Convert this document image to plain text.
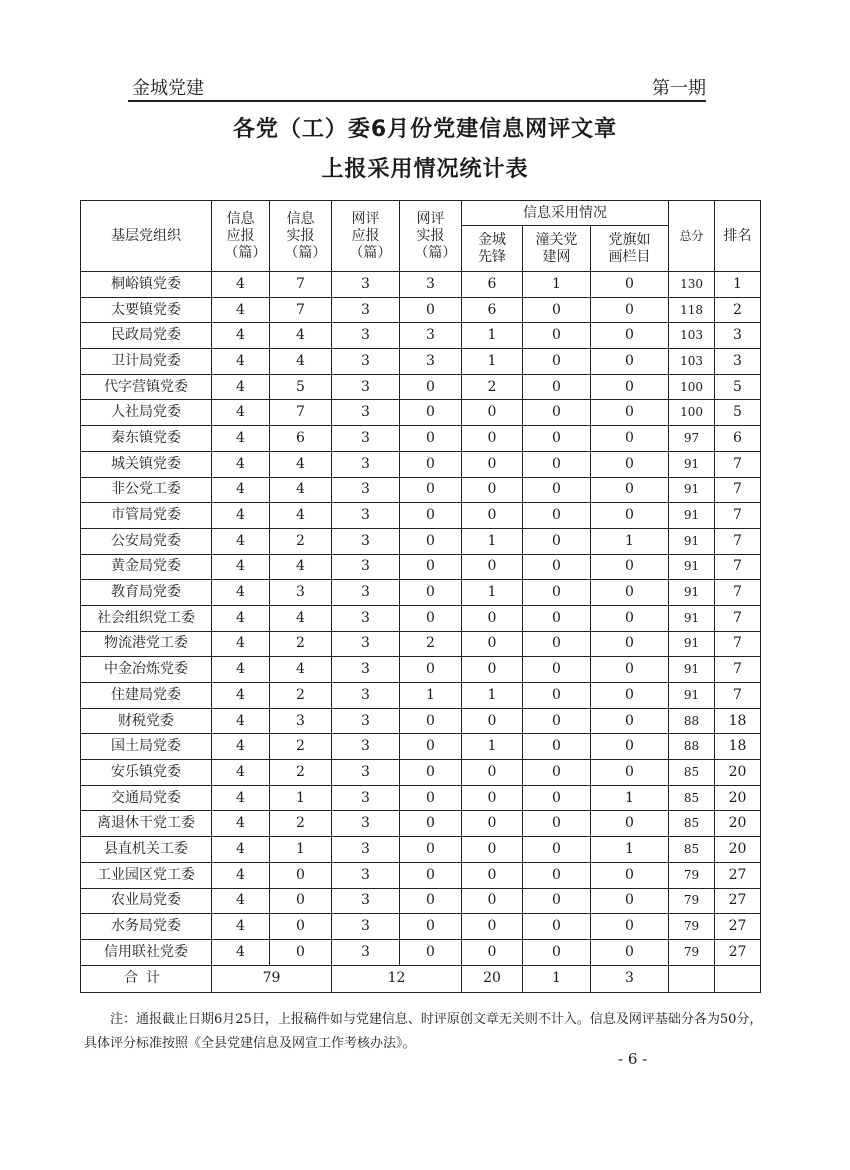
金城党建	第一期
各党（工）委6月份党建信息网评文章
上报采用情况统计表
基层党组织	信息应报（篇）	信息实报（篇）	网评应报（篇）	网评实报（篇）	信息采用情况			总分	排名
					金城先锋	潼关党建网	党旗如画栏目		
桐峪镇党委	4	7	3	3	6	1	0	130	1
太要镇党委	4	7	3	0	6	0	0	118	2
民政局党委	4	4	3	3	1	0	0	103	3
卫计局党委	4	4	3	3	1	0	0	103	3
代字营镇党委	4	5	3	0	2	0	0	100	5
人社局党委	4	7	3	0	0	0	0	100	5
秦东镇党委	4	6	3	0	0	0	0	97	6
城关镇党委	4	4	3	0	0	0	0	91	7
非公党工委	4	4	3	0	0	0	0	91	7
市管局党委	4	4	3	0	0	0	0	91	7
公安局党委	4	2	3	0	1	0	1	91	7
黄金局党委	4	4	3	0	0	0	0	91	7
教育局党委	4	3	3	0	1	0	0	91	7
社会组织党工委	4	4	3	0	0	0	0	91	7
物流港党工委	4	2	3	2	0	0	0	91	7
中金冶炼党委	4	4	3	0	0	0	0	91	7
住建局党委	4	2	3	1	1	0	0	91	7
财税党委	4	3	3	0	0	0	0	88	18
国土局党委	4	2	3	0	1	0	0	88	18
安乐镇党委	4	2	3	0	0	0	0	85	20
交通局党委	4	1	3	0	0	0	1	85	20
离退休干党工委	4	2	3	0	0	0	0	85	20
县直机关工委	4	1	3	0	0	0	1	85	20
工业园区党工委	4	0	3	0	0	0	0	79	27
农业局党委	4	0	3	0	0	0	0	79	27
水务局党委	4	0	3	0	0	0	0	79	27
信用联社党委	4	0	3	0	0	0	0	79	27
合计	79		12		20	1	3		
注：通报截止日期6月25日，上报稿件如与党建信息、时评原创文章无关则不计入。信息及网评基础分各为50分，具体评分标准按照《全县党建信息及网宣工作考核办法》。
- 6 -
